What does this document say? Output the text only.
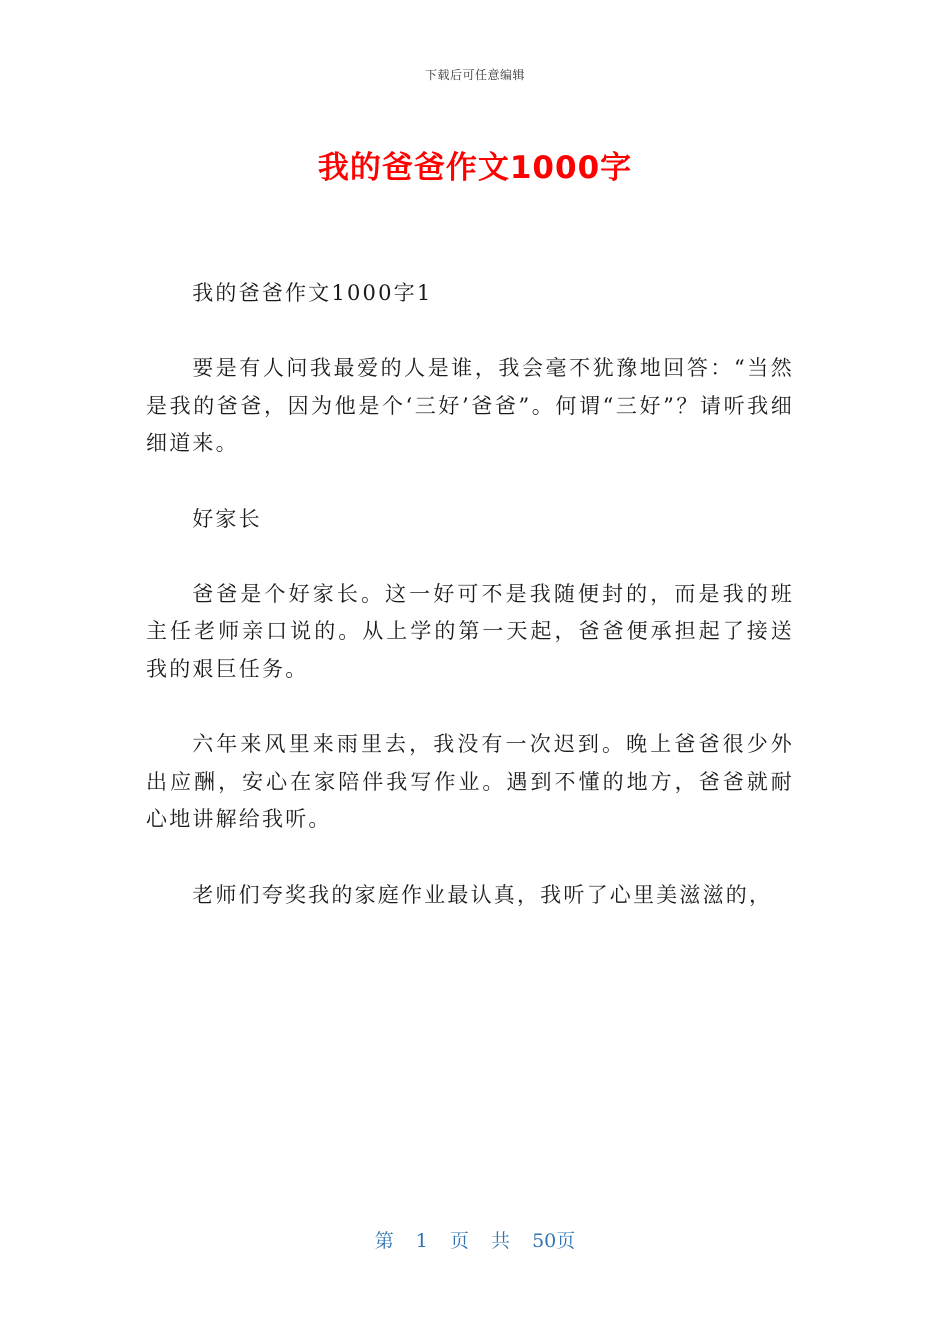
下载后可任意编辑
我的爸爸作文1000字

我的爸爸作文1000字1

要是有人问我最爱的人是谁，我会毫不犹豫地回答：“当然是我的爸爸，因为他是个‘三好’爸爸”。何谓“三好”？请听我细细道来。

好家长

爸爸是个好家长。这一好可不是我随便封的，而是我的班主任老师亲口说的。从上学的第一天起，爸爸便承担起了接送我的艰巨任务。

六年来风里来雨里去，我没有一次迟到。晚上爸爸很少外出应酬，安心在家陪伴我写作业。遇到不懂的地方，爸爸就耐心地讲解给我听。

老师们夸奖我的家庭作业最认真，我听了心里美滋滋的，

第 1 页 共 50页
